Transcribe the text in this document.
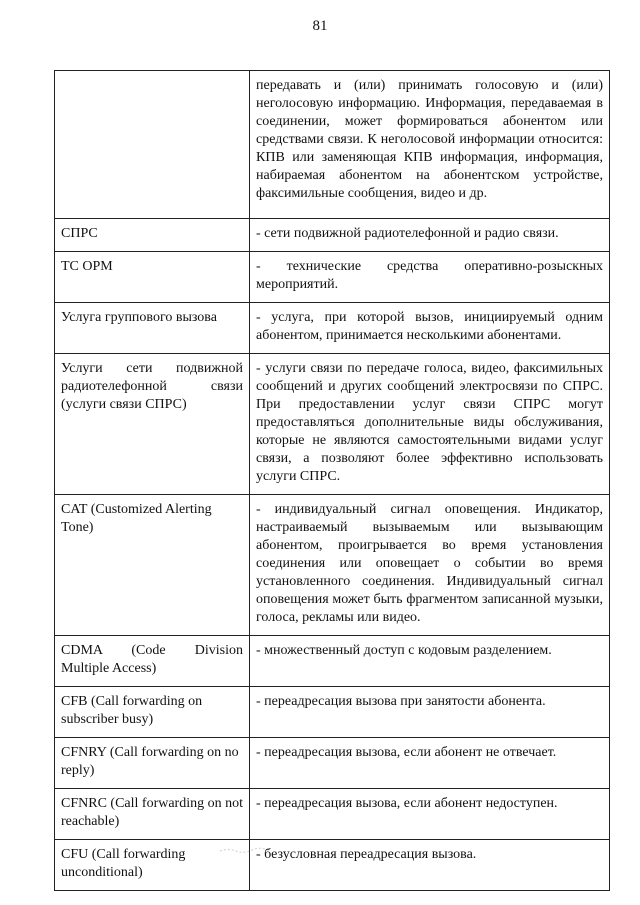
81
	передавать и (или) принимать голосовую и (или) неголосовую информацию. Информация, передаваемая в соединении, может формироваться абонентом или средствами связи. К неголосовой информации относится: КПВ или заменяющая КПВ информация, информация, набираемая абонентом на абонентском устройстве, факсимильные сообщения, видео и др.
СПРС	- сети подвижной радиотелефонной и радио связи.
ТС ОРМ	- технические средства оперативно-розыскных мероприятий.
Услуга группового вызова	- услуга, при которой вызов, инициируемый одним абонентом, принимается несколькими абонентами.
Услуги сети подвижной радиотелефонной связи (услуги связи СПРС)	- услуги связи по передаче голоса, видео, факсимильных сообщений и других сообщений электросвязи по СПРС. При предоставлении услуг связи СПРС могут предоставляться дополнительные виды обслуживания, которые не являются самостоятельными видами услуг связи, а позволяют более эффективно использовать услуги СПРС.
CAT (Customized Alerting Tone)	- индивидуальный сигнал оповещения. Индикатор, настраиваемый вызываемым или вызывающим абонентом, проигрывается во время установления соединения или оповещает о событии во время установленного соединения. Индивидуальный сигнал оповещения может быть фрагментом записанной музыки, голоса, рекламы или видео.
CDMA (Code Division Multiple Access)	- множественный доступ с кодовым разделением.
CFB (Call forwarding on subscriber busy)	- переадресация вызова при занятости абонента.
CFNRY (Call forwarding on no reply)	- переадресация вызова, если абонент не отвечает.
CFNRC (Call forwarding on not reachable)	- переадресация вызова, если абонент недоступен.
CFU (Call forwarding unconditional)	- безусловная переадресация вызова.
